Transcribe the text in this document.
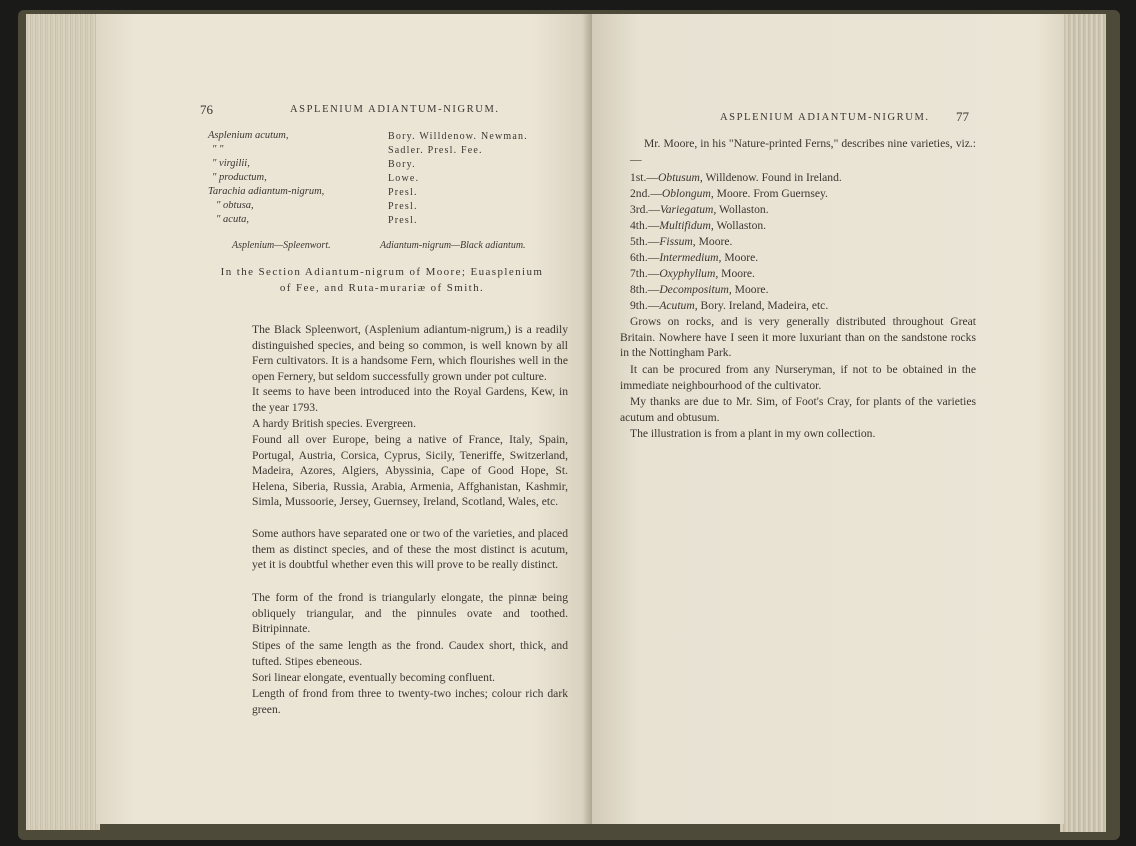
76	ASPLENIUM ADIANTUM-NIGRUM.
Asplenium acutum,	Bory. Willdenow. Newman.
" "	Sadler. Presl. Fee.
" virgilii,	Bory.
" productum,	Lowe.
Tarachia adiantum-nigrum,	Presl.
" obtusa,	Presl.
" acuta,	Presl.
Asplenium—Spleenwort.	Adiantum-nigrum—Black adiantum.
In the Section Adiantum-nigrum of Moore; Euasplenium
of Fee, and Ruta-murariæ of Smith.
The Black Spleenwort, (Asplenium adiantum-nigrum,) is a readily distinguished species, and being so common, is well known by all Fern cultivators. It is a handsome Fern, which flourishes well in the open Fernery, but seldom successfully grown under pot culture.
It seems to have been introduced into the Royal Gardens, Kew, in the year 1793.
A hardy British species. Evergreen.
Found all over Europe, being a native of France, Italy, Spain, Portugal, Austria, Corsica, Cyprus, Sicily, Teneriffe, Switzerland, Madeira, Azores, Algiers, Abyssinia, Cape of Good Hope, St. Helena, Siberia, Russia, Arabia, Armenia, Affghanistan, Kashmir, Simla, Mussoorie, Jersey, Guernsey, Ireland, Scotland, Wales, etc.
Some authors have separated one or two of the varieties, and placed them as distinct species, and of these the most distinct is acutum, yet it is doubtful whether even this will prove to be really distinct.
The form of the frond is triangularly elongate, the pinnæ being obliquely triangular, and the pinnules ovate and toothed. Bitripinnate.
Stipes of the same length as the frond. Caudex short, thick, and tufted. Stipes ebeneous.
Sori linear elongate, eventually becoming confluent.
Length of frond from three to twenty-two inches; colour rich dark green.
ASPLENIUM ADIANTUM-NIGRUM. 77
Mr. Moore, in his "Nature-printed Ferns," describes nine varieties, viz.:—
1st.—Obtusum, Willdenow. Found in Ireland.
2nd.—Oblongum, Moore. From Guernsey.
3rd.—Variegatum, Wollaston.
4th.—Multifidum, Wollaston.
5th.—Fissum, Moore.
6th.—Intermedium, Moore.
7th.—Oxyphyllum, Moore.
8th.—Decompositum, Moore.
9th.—Acutum, Bory. Ireland, Madeira, etc.
Grows on rocks, and is very generally distributed throughout Great Britain. Nowhere have I seen it more luxuriant than on the sandstone rocks in the Nottingham Park.
It can be procured from any Nurseryman, if not to be obtained in the immediate neighbourhood of the cultivator.
My thanks are due to Mr. Sim, of Foot's Cray, for plants of the varieties acutum and obtusum.
The illustration is from a plant in my own collection.
